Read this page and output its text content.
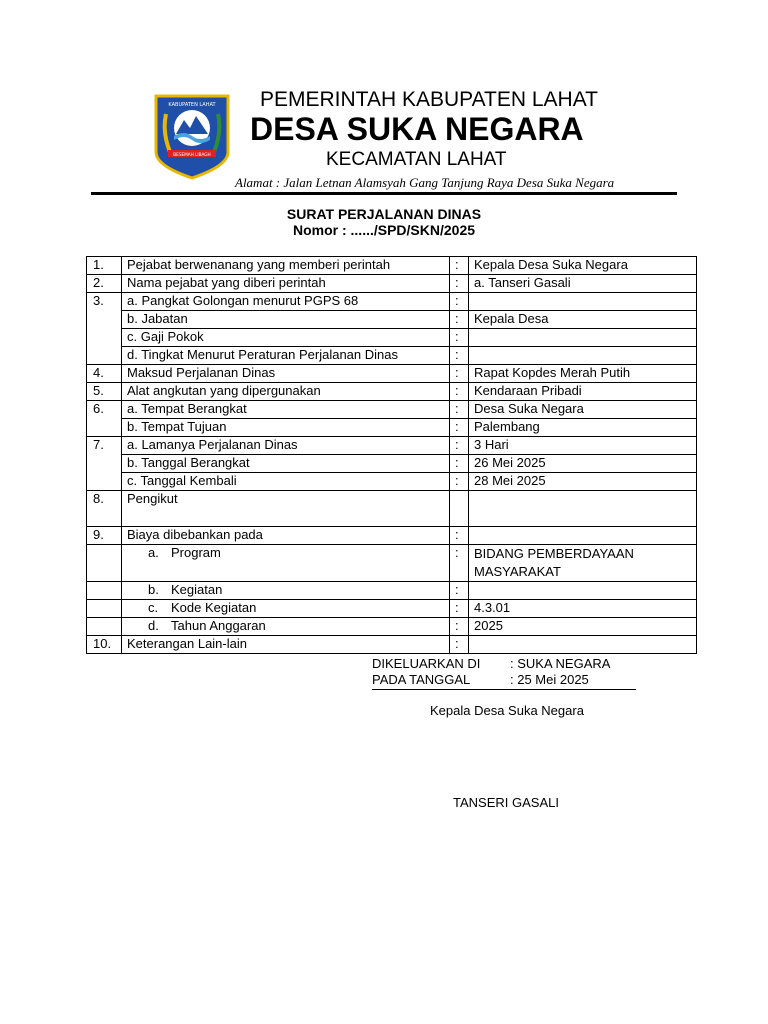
KABUPATEN LAHAT
BESEMAH LIBAGH
PEMERINTAH KABUPATEN LAHAT
DESA SUKA NEGARA
KECAMATAN LAHAT
Alamat : Jalan Letnan Alamsyah Gang Tanjung Raya Desa Suka Negara
SURAT PERJALANAN DINAS
Nomor : ....../SPD/SKN/2025
1.	Pejabat berwenanang yang memberi perintah	:	Kepala Desa Suka Negara
2.	Nama pejabat yang diberi perintah	:	a. Tanseri Gasali
3.	a. Pangkat Golongan menurut PGPS 68	:	
	b. Jabatan	:	Kepala Desa
	c. Gaji Pokok	:	
	d. Tingkat Menurut Peraturan Perjalanan Dinas	:	
4.	Maksud Perjalanan Dinas	:	Rapat Kopdes Merah Putih
5.	Alat angkutan yang dipergunakan	:	Kendaraan Pribadi
6.	a. Tempat Berangkat	:	Desa Suka Negara
	b. Tempat Tujuan	:	Palembang
7.	a. Lamanya Perjalanan Dinas	:	3 Hari
	b. Tanggal Berangkat	:	26 Mei 2025
	c. Tanggal Kembali	:	28 Mei 2025
8.	Pengikut		
9.	Biaya dibebankan pada	:	
	a. Program	:	BIDANG PEMBERDAYAAN MASYARAKAT
	b. Kegiatan	:	
	c. Kode Kegiatan	:	4.3.01
	d. Tahun Anggaran	:	2025
10.	Keterangan Lain-lain	:	
DIKELUARKAN DI : SUKA NEGARA
PADA TANGGAL	: 25 Mei 2025
Kepala Desa Suka Negara
TANSERI GASALI
